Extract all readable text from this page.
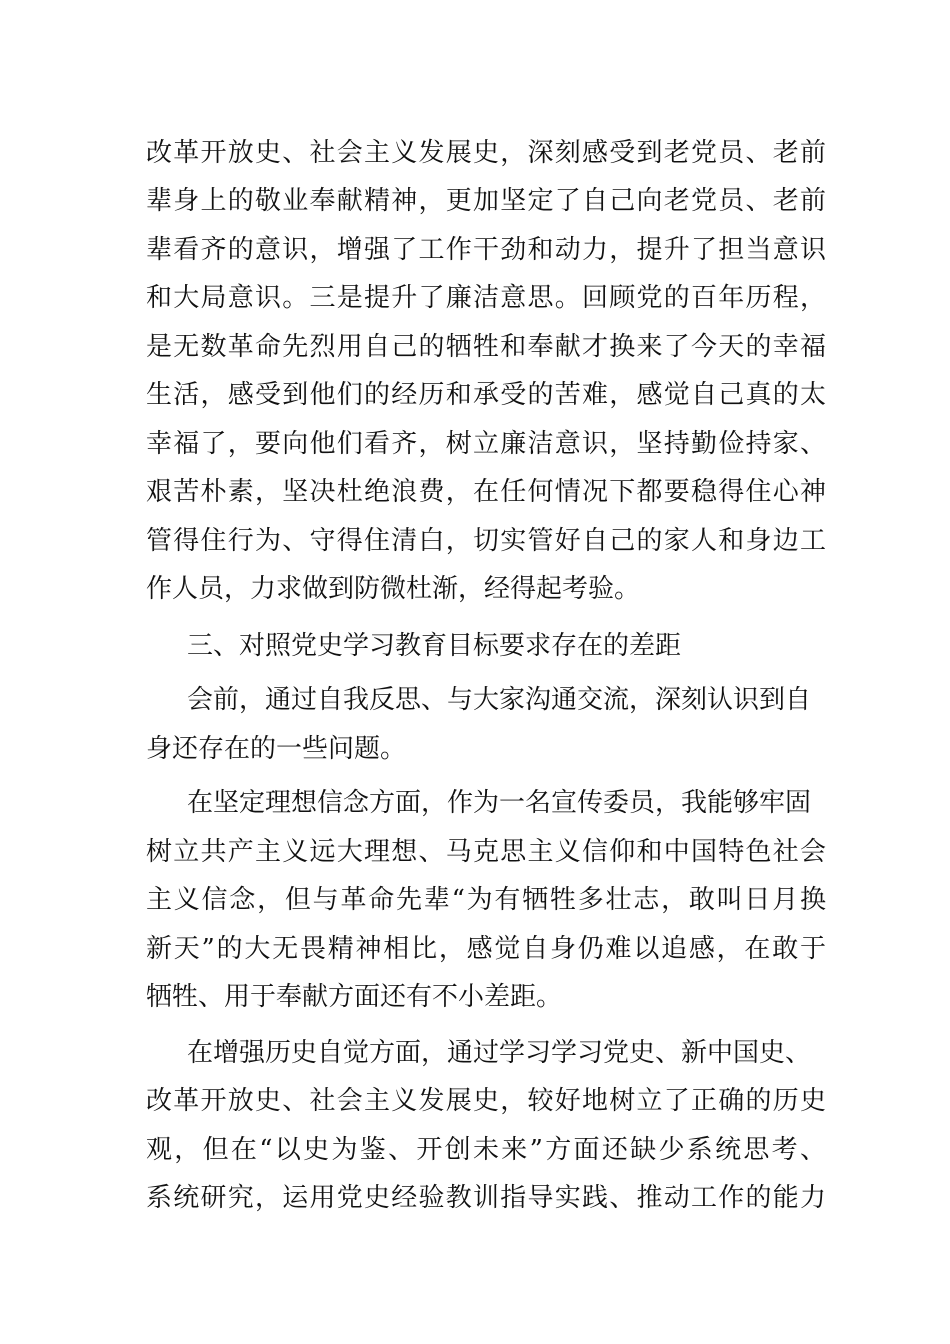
改革开放史、社会主义发展史，深刻感受到老党员、老前
辈身上的敬业奉献精神，更加坚定了自己向老党员、老前
辈看齐的意识，增强了工作干劲和动力，提升了担当意识
和大局意识。三是提升了廉洁意思。回顾党的百年历程，
是无数革命先烈用自己的牺牲和奉献才换来了今天的幸福
生活，感受到他们的经历和承受的苦难，感觉自己真的太
幸福了，要向他们看齐，树立廉洁意识，坚持勤俭持家、
艰苦朴素，坚决杜绝浪费，在任何情况下都要稳得住心神
管得住行为、守得住清白，切实管好自己的家人和身边工
作人员，力求做到防微杜渐，经得起考验。
三、对照党史学习教育目标要求存在的差距
会前，通过自我反思、与大家沟通交流，深刻认识到自
身还存在的一些问题。
在坚定理想信念方面，作为一名宣传委员，我能够牢固
树立共产主义远大理想、马克思主义信仰和中国特色社会
主义信念，但与革命先辈“为有牺牲多壮志，敢叫日月换
新天”的大无畏精神相比，感觉自身仍难以追感，在敢于
牺牲、用于奉献方面还有不小差距。
在增强历史自觉方面，通过学习学习党史、新中国史、
改革开放史、社会主义发展史，较好地树立了正确的历史
观，但在“以史为鉴、开创未来”方面还缺少系统思考、
系统研究，运用党史经验教训指导实践、推动工作的能力
